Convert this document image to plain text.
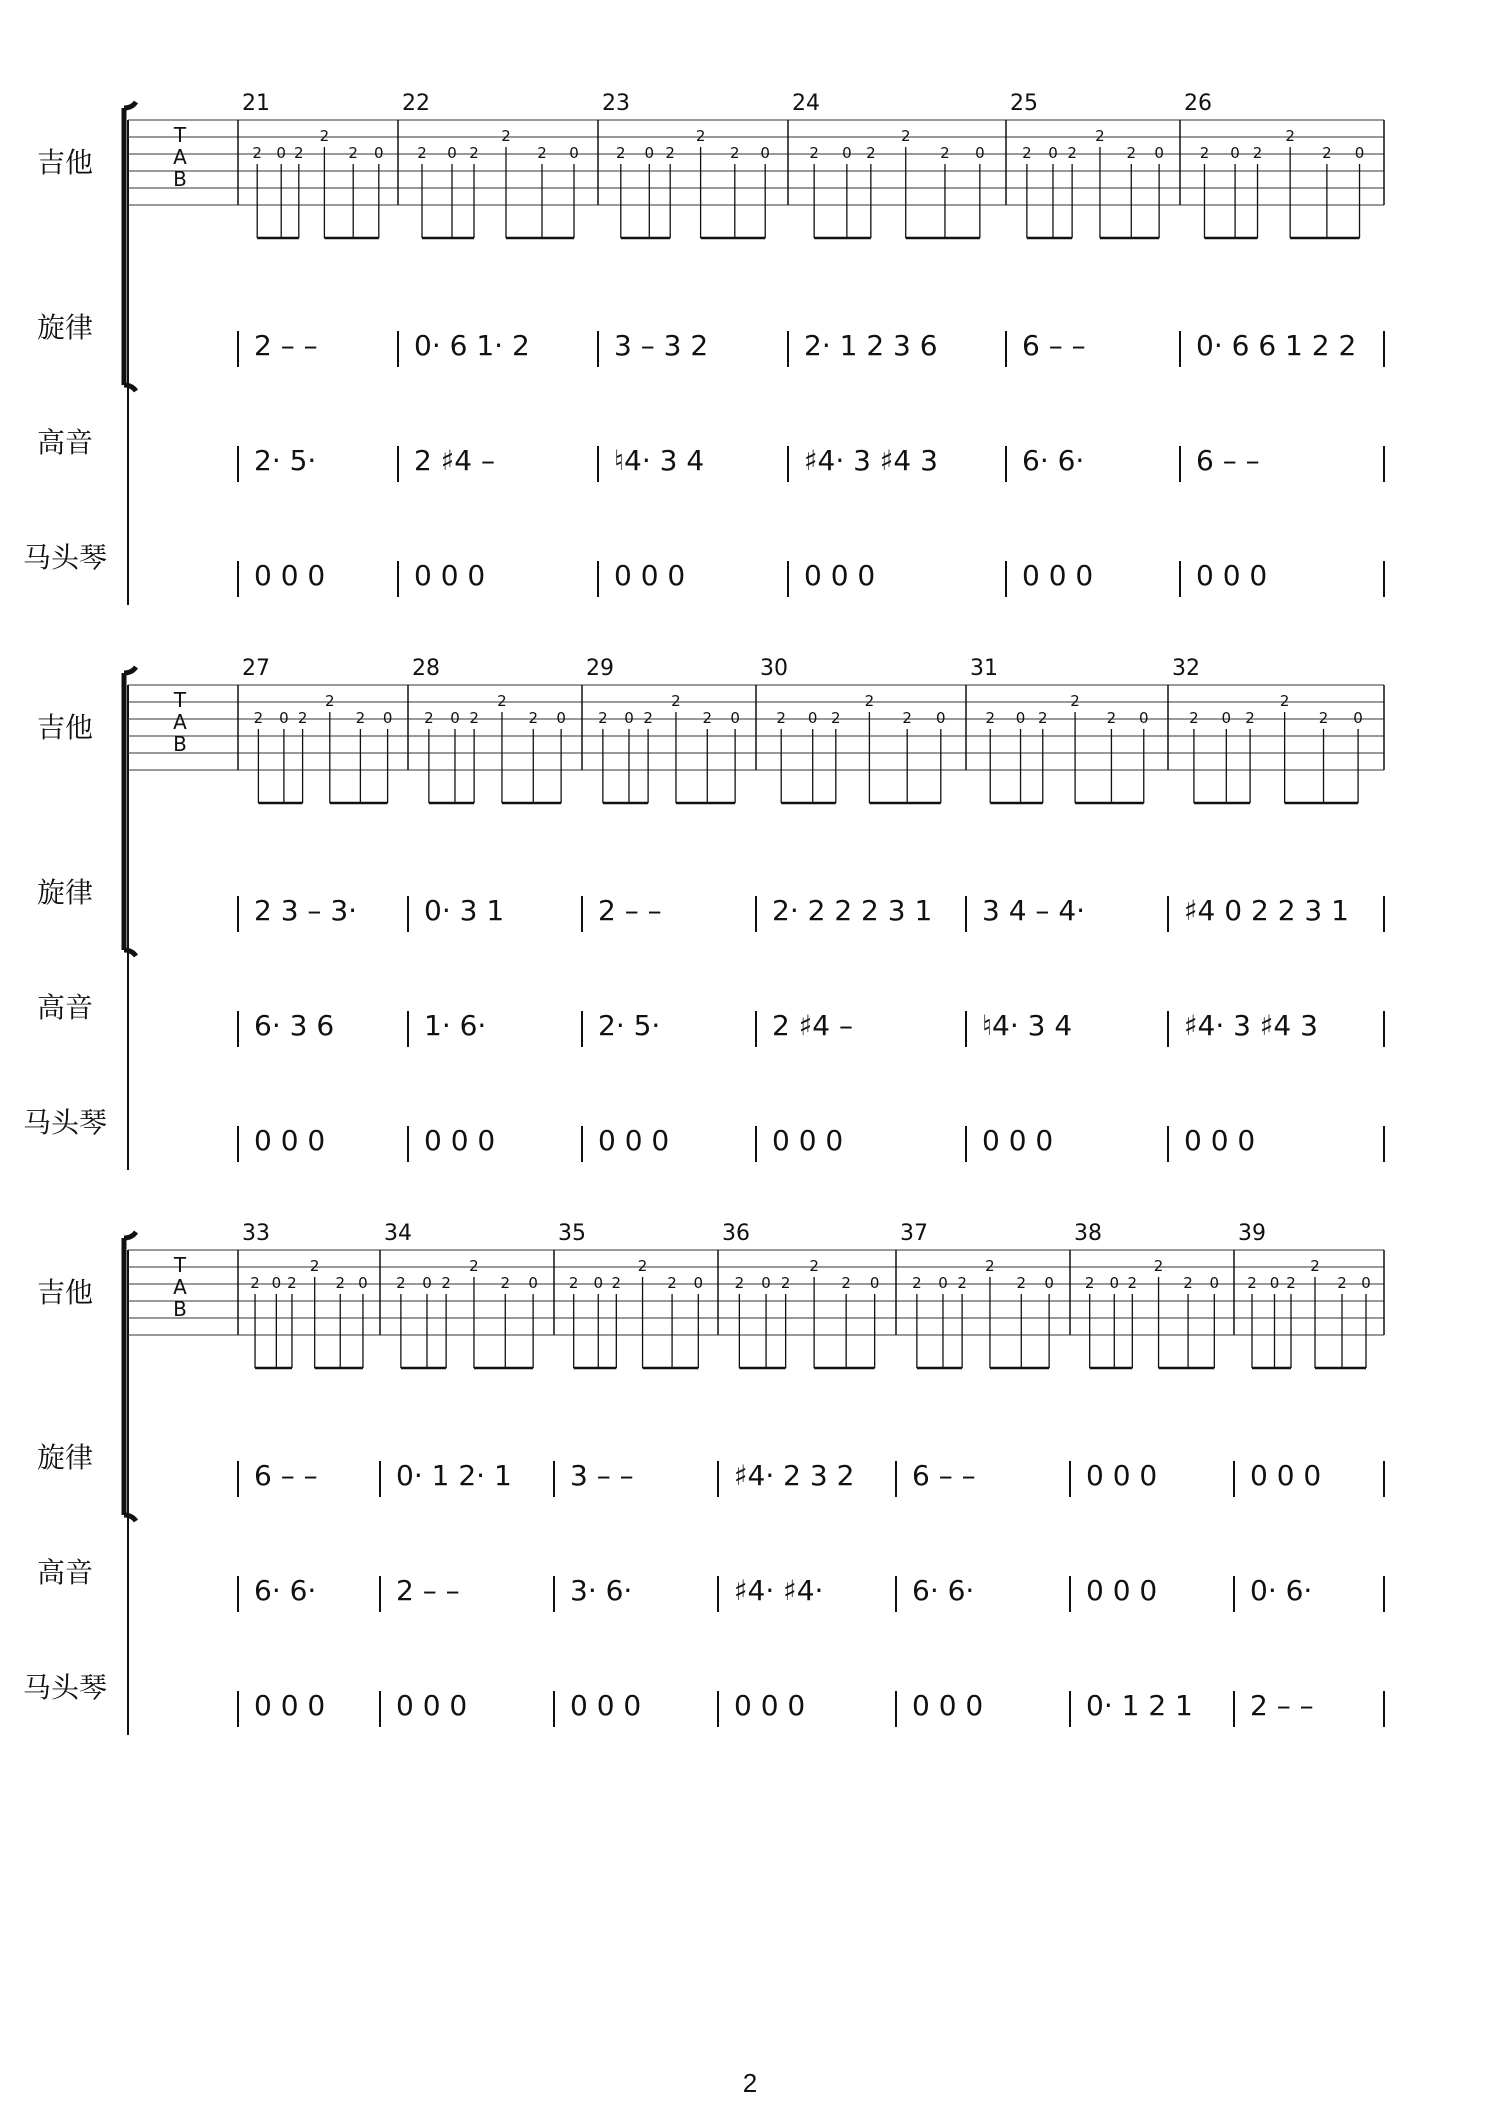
吉他
旋律
高音
马头琴
T
A
B
21
2 0 2
2
2 0
2 – –
2· 5·
0 0 0
22
2 0 2
2
2 0
0· 6 1· 2
2 ♯4 –
0 0 0
23
2 0 2
2
2 0
3 – 3 2
♮4· 3 4
0 0 0
24
2 0 2
2
2 0
2· 1 2 3 6
♯4· 3 ♯4 3
0 0 0
25
2 0 2
2
2 0
6 – –
6· 6·
0 0 0
26
2 0 2
2
2 0
0· 6 6 1 2 2
6 – –
0 0 0
吉他
旋律
高音
马头琴
T
A
B
27
2 0 2
2
2 0
2 3 – 3·
6· 3 6
0 0 0
28
2 0 2
2
2 0
0· 3 1
1· 6·
0 0 0
29
2 0 2
2
2 0
2 – –
2· 5·
0 0 0
30
2 0 2
2
2 0
2· 2 2 2 3 1
2 ♯4 –
0 0 0
31
2 0 2
2
2 0
3 4 – 4·
♮4· 3 4
0 0 0
32
2 0 2
2
2 0
♯4 0 2 2 3 1
♯4· 3 ♯4 3
0 0 0
吉他
旋律
高音
马头琴
T
A
B
33
2 0 2
2
2 0
6 – –
6· 6·
0 0 0
34
2 0 2
2
2 0
0· 1 2· 1
2 – –
0 0 0
35
2 0 2
2
2 0
3 – –
3· 6·
0 0 0
36
2 0 2
2
2 0
♯4· 2 3 2
♯4· ♯4·
0 0 0
37
2 0 2
2
2 0
6 – –
6· 6·
0 0 0
38
2 0 2
2
2 0
0 0 0
0 0 0
0· 1 2 1
39
2 0 2
2
2 0
0 0 0
0· 6·
2 – –
2
